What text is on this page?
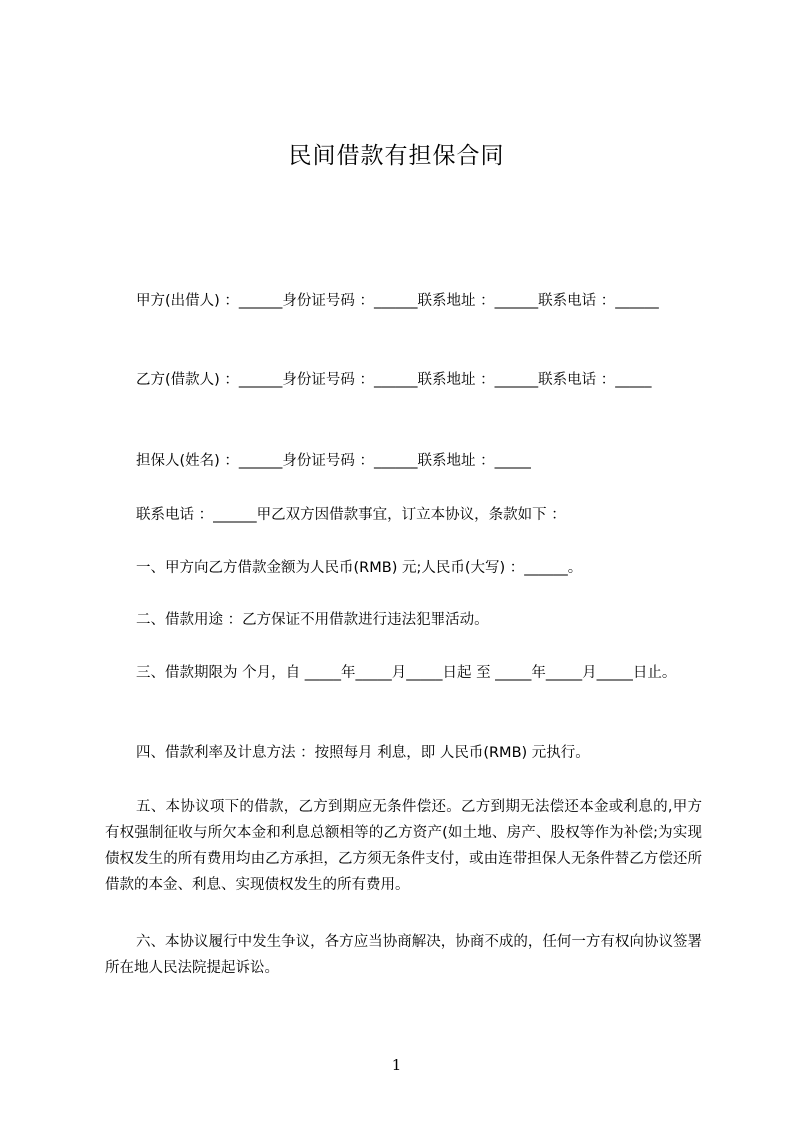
民间借款有担保合同

甲方(出借人) ：______身份证号码 ：______联系地址 ：______联系电话 ：______

乙方(借款人) ：______身份证号码 ：______联系地址 ：______联系电话 ：_____

担保人(姓名) ：______身份证号码 ：______联系地址 ：_____

联系电话 ：______甲乙双方因借款事宜，订立本协议，条款如下 ：

一、甲方向乙方借款金额为人民币(RMB) 元;人民币(大写) ：______。

二、借款用途 ：乙方保证不用借款进行违法犯罪活动。

三、借款期限为 个月，自 _____年_____月_____日起 至 _____年_____月_____日止。

四、借款利率及计息方法 ：按照每月 利息，即 人民币(RMB) 元执行。

五、本协议项下的借款，乙方到期应无条件偿还。乙方到期无法偿还本金或利息的,甲方有权强制征收与所欠本金和利息总额相等的乙方资产(如土地、房产、股权等作为补偿;为实现债权发生的所有费用均由乙方承担，乙方须无条件支付，或由连带担保人无条件替乙方偿还所借款的本金、利息、实现债权发生的所有费用。

六、本协议履行中发生争议，各方应当协商解决，协商不成的，任何一方有权向协议签署所在地人民法院提起诉讼。

1
